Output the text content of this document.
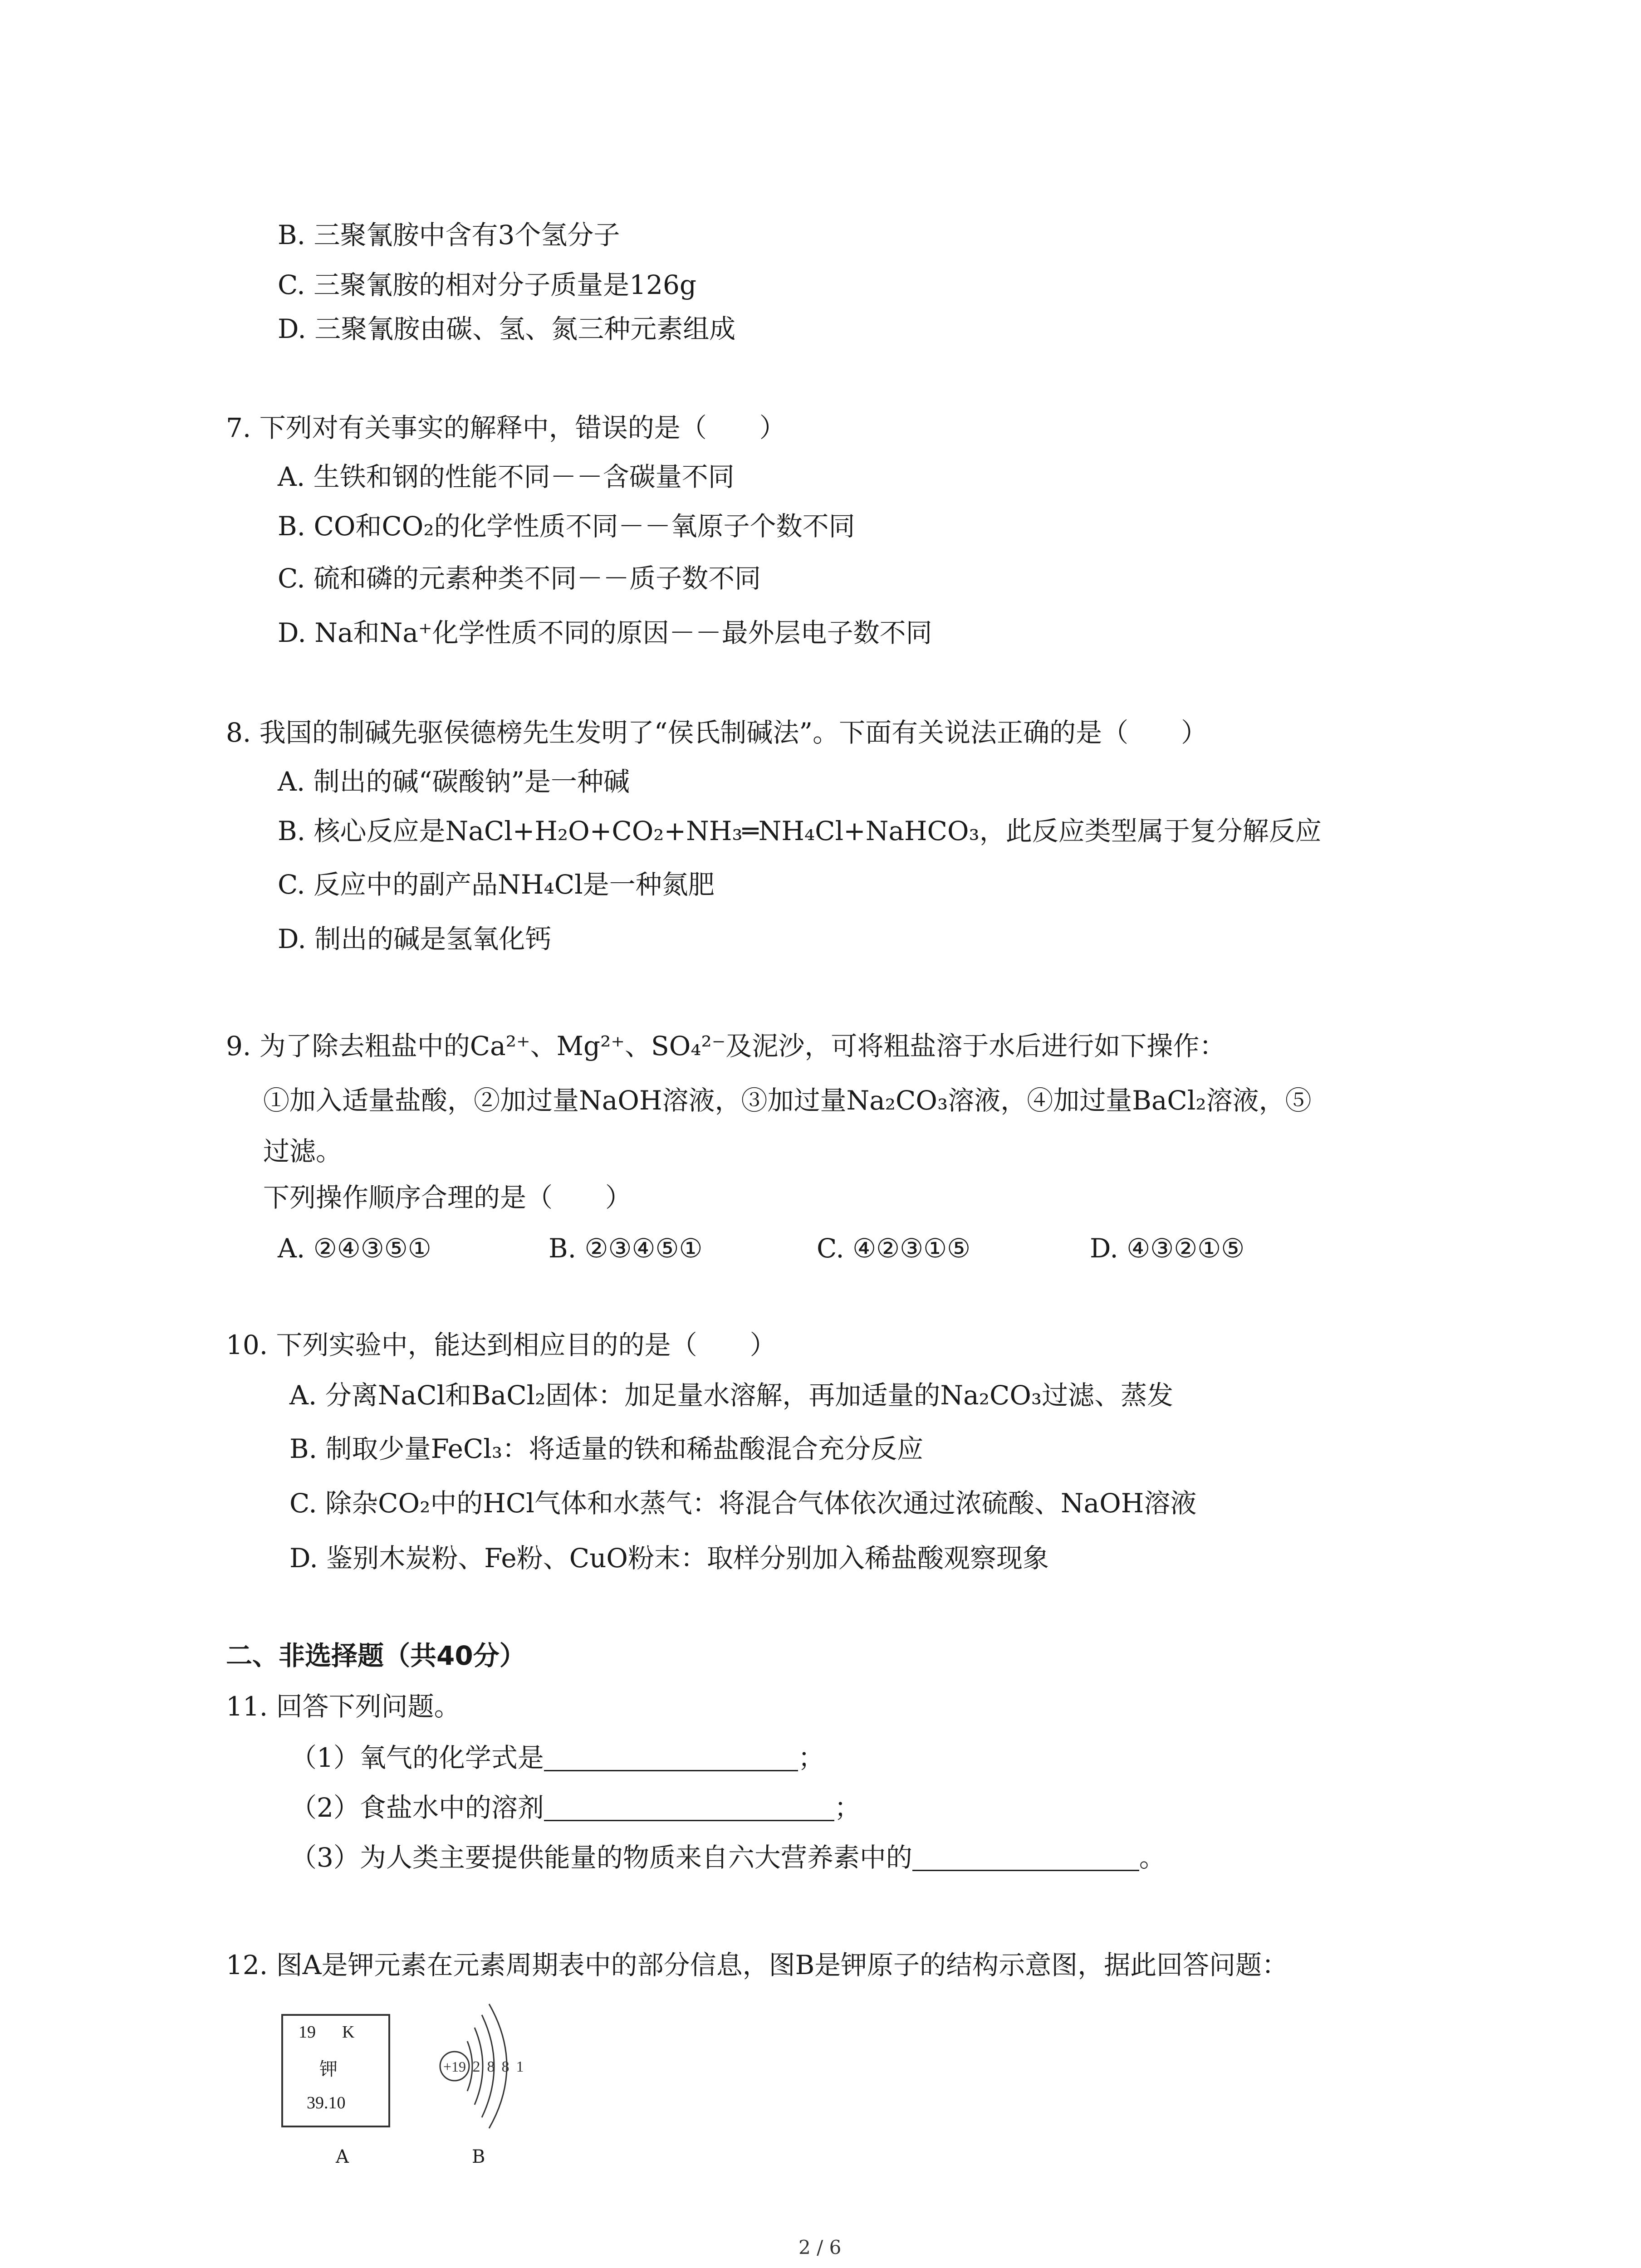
B. 三聚氰胺中含有3个氢分子
C. 三聚氰胺的相对分子质量是126g
D. 三聚氰胺由碳、氢、氮三种元素组成
7. 下列对有关事实的解释中，错误的是（　　）
A. 生铁和钢的性能不同－－含碳量不同
B. CO和CO₂的化学性质不同－－氧原子个数不同
C. 硫和磷的元素种类不同－－质子数不同
D. Na和Na⁺化学性质不同的原因－－最外层电子数不同
8. 我国的制碱先驱侯德榜先生发明了“侯氏制碱法”。下面有关说法正确的是（　　）
A. 制出的碱“碳酸钠”是一种碱
B. 核心反应是NaCl+H₂O+CO₂+NH₃═NH₄Cl+NaHCO₃，此反应类型属于复分解反应
C. 反应中的副产品NH₄Cl是一种氮肥
D. 制出的碱是氢氧化钙
9. 为了除去粗盐中的Ca²⁺、Mg²⁺、SO₄²⁻及泥沙，可将粗盐溶于水后进行如下操作：
①加入适量盐酸，②加过量NaOH溶液，③加过量Na₂CO₃溶液，④加过量BaCl₂溶液，⑤
过滤。
下列操作顺序合理的是（　　）
A. ②④③⑤①	B. ②③④⑤①	C. ④②③①⑤	D. ④③②①⑤
10. 下列实验中，能达到相应目的的是（　　）
A. 分离NaCl和BaCl₂固体：加足量水溶解，再加适量的Na₂CO₃过滤、蒸发
B. 制取少量FeCl₃：将适量的铁和稀盐酸混合充分反应
C. 除杂CO₂中的HCl气体和水蒸气：将混合气体依次通过浓硫酸、NaOH溶液
D. 鉴别木炭粉、Fe粉、CuO粉末：取样分别加入稀盐酸观察现象
二、非选择题（共40分）
11. 回答下列问题。
（1）氧气的化学式是	；
（2）食盐水中的溶剂	；
（3）为人类主要提供能量的物质来自六大营养素中的	。
12. 图A是钾元素在元素周期表中的部分信息，图B是钾原子的结构示意图，据此回答问题：
19 K
钾
39.10
A
+19 2 8 8 1
B
2 / 6
